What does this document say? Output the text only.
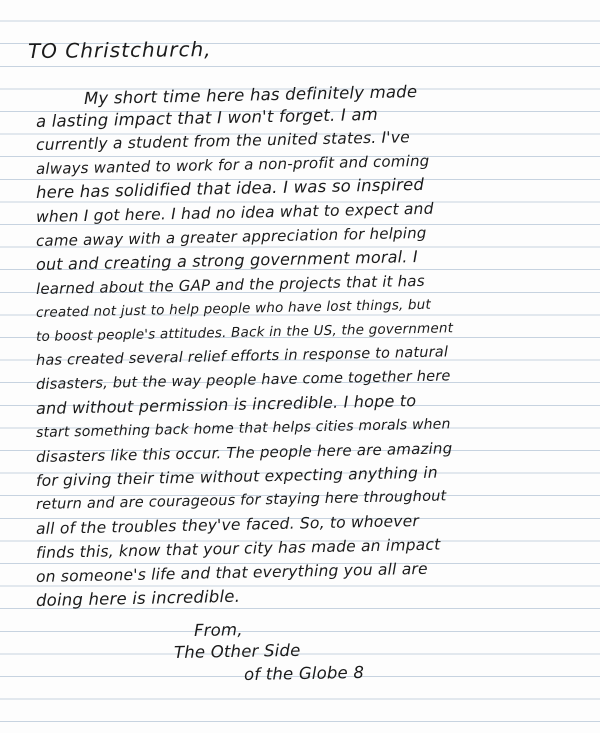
TO Christchurch,
My short time here has definitely made
a lasting impact that I won't forget. I am
currently a student from the united states. I've
always wanted to work for a non-profit and coming
here has solidified that idea. I was so inspired
when I got here. I had no idea what to expect and
came away with a greater appreciation for helping
out and creating a strong government moral. I
learned about the GAP and the projects that it has
created not just to help people who have lost things, but
to boost people's attitudes. Back in the US, the government
has created several relief efforts in response to natural
disasters, but the way people have come together here
and without permission is incredible. I hope to
start something back home that helps cities morals when
disasters like this occur. The people here are amazing
for giving their time without expecting anything in
return and are courageous for staying here throughout
all of the troubles they've faced. So, to whoever
finds this, know that your city has made an impact
on someone's life and that everything you all are
doing here is incredible.
From,
The Other Side
of the Globe 8
